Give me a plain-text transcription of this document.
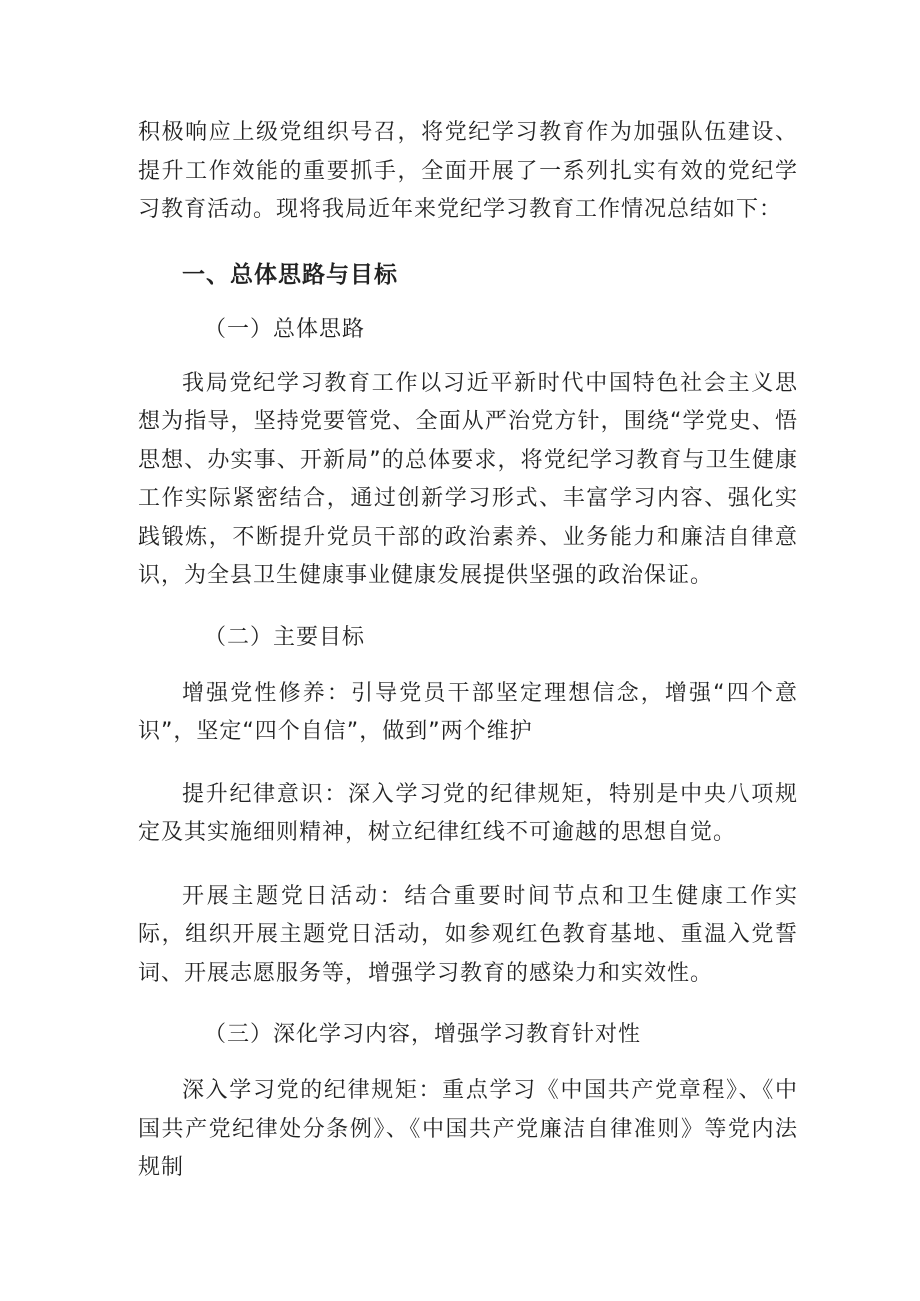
积极响应上级党组织号召，将党纪学习教育作为加强队伍建设、提升工作效能的重要抓手，全面开展了一系列扎实有效的党纪学习教育活动。现将我局近年来党纪学习教育工作情况总结如下：

一、总体思路与目标

（一）总体思路

我局党纪学习教育工作以习近平新时代中国特色社会主义思想为指导，坚持党要管党、全面从严治党方针，围绕“学党史、悟思想、办实事、开新局”的总体要求，将党纪学习教育与卫生健康工作实际紧密结合，通过创新学习形式、丰富学习内容、强化实践锻炼，不断提升党员干部的政治素养、业务能力和廉洁自律意识，为全县卫生健康事业健康发展提供坚强的政治保证。

（二）主要目标

增强党性修养：引导党员干部坚定理想信念，增强“四个意识”，坚定“四个自信”，做到”两个维护

提升纪律意识：深入学习党的纪律规矩，特别是中央八项规定及其实施细则精神，树立纪律红线不可逾越的思想自觉。

开展主题党日活动：结合重要时间节点和卫生健康工作实际，组织开展主题党日活动，如参观红色教育基地、重温入党誓词、开展志愿服务等，增强学习教育的感染力和实效性。

（三）深化学习内容，增强学习教育针对性

深入学习党的纪律规矩：重点学习《中国共产党章程》、《中国共产党纪律处分条例》、《中国共产党廉洁自律准则》等党内法规制
